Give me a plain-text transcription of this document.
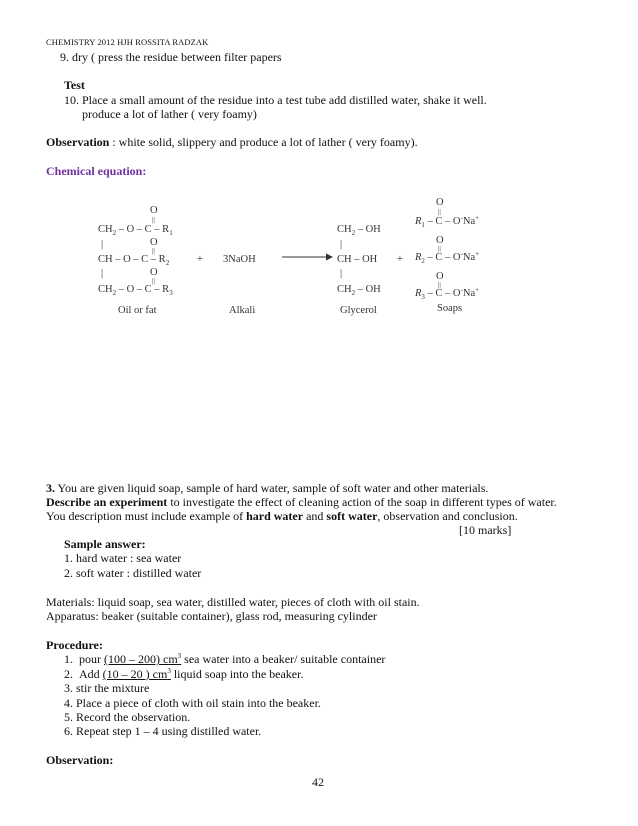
CHEMISTRY 2012 HJH ROSSITA RADZAK
9. dry ( press the residue between filter papers
Test
10. Place a small amount of the residue into a test tube add distilled water, shake it well.
produce a lot of lather ( very foamy)
Observation : white solid, slippery and produce a lot of lather ( very foamy).
Chemical equation:
O
||
$CH_2$ – O – C – $R_1$
|	O
||
CH – O – C – $R_2$
|	O
||
$CH_2$ – O – C – $R_3$
+ 3NaOH
$CH_2$ – OH
|
CH – OH
|
$CH_2$ – OH
+
O
||
$R_1$ – C – O-Na+
O
||
$R_2$ – C – O-Na+
O
||
$R_3$ – C – O-Na+
Oil or fat	Alkali	Glycerol	Soaps
3. You are given liquid soap, sample of hard water, sample of soft water and other materials.
Describe an experiment to investigate the effect of cleaning action of the soap in different types of water.
You description must include example of hard water and soft water, observation and conclusion.
[10 marks]
Sample answer:
1. hard water : sea water
2. soft water : distilled water
Materials: liquid soap, sea water, distilled water, pieces of cloth with oil stain.
Apparatus: beaker (suitable container), glass rod, measuring cylinder
Procedure:
1. pour (100 – 200) $cm^3$ sea water into a beaker/ suitable container
2. Add (10 – 20 ) $cm^3$ liquid soap into the beaker.
3. stir the mixture
4. Place a piece of cloth with oil stain into the beaker.
5. Record the observation.
6. Repeat step 1 – 4 using distilled water.
Observation:
42
